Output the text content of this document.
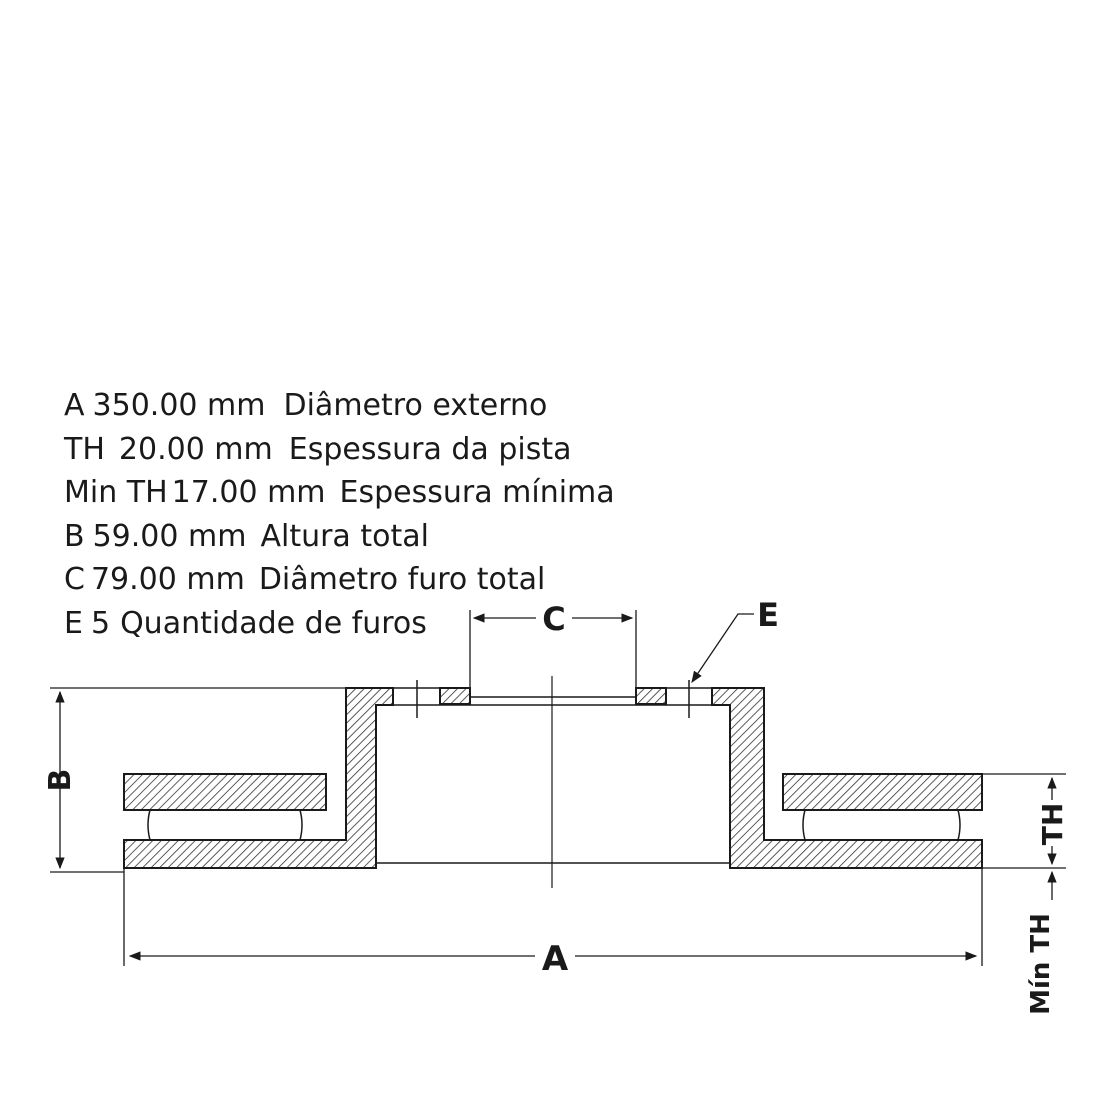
A 350.00 mm Diâmetro externo
TH 20.00 mm Espessura da pista
Min TH 17.00 mm Espessura mínima
B 59.00 mm Altura total
C 79.00 mm Diâmetro furo total
E 5 Quantidade de furos
B
C	E
A
TH
Mín TH
